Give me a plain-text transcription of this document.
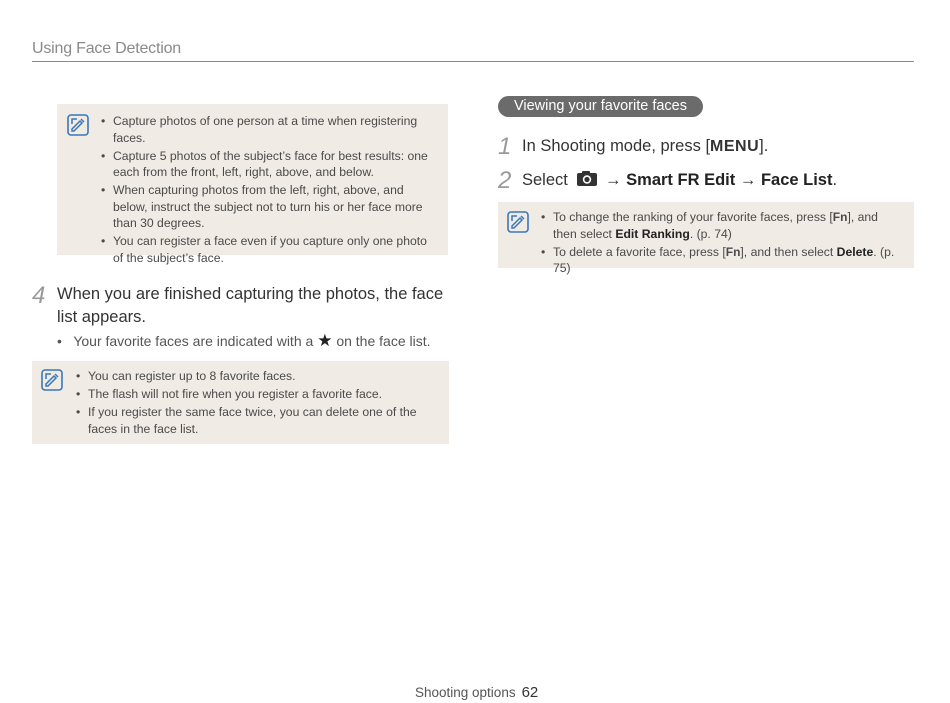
Using Face Detection
• Capture photos of one person at a time when registering faces.
• Capture 5 photos of the subject’s face for best results: one each from the front, left, right, above, and below.
• When capturing photos from the left, right, above, and below, instruct the subject not to turn his or her face more than 30 degrees.
• You can register a face even if you capture only one photo of the subject’s face.
4 When you are finished capturing the photos, the face list appears.
• Your favorite faces are indicated with a ★ on the face list.
• You can register up to 8 favorite faces.
• The flash will not fire when you register a favorite face.
• If you register the same face twice, you can delete one of the faces in the face list.
Viewing your favorite faces
1 In Shooting mode, press [MENU].
2 Select → Smart FR Edit → Face List.
• To change the ranking of your favorite faces, press [Fn], and then select Edit Ranking. (p. 74)
• To delete a favorite face, press [Fn], and then select Delete. (p. 75)
Shooting options 62
